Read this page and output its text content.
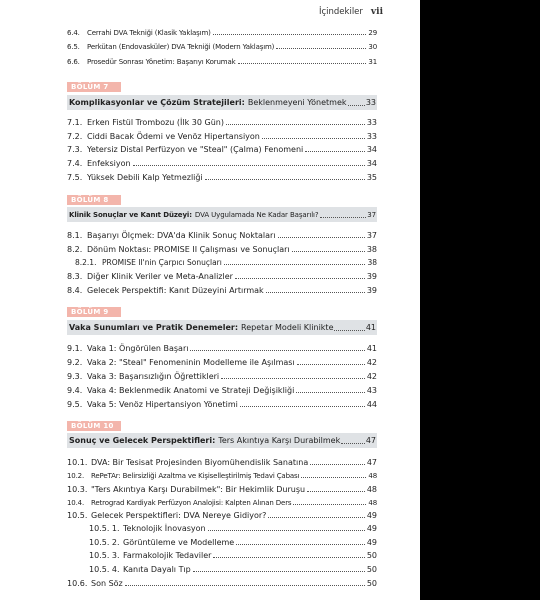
İçindekiler vii
6.4.	Cerrahi DVA Tekniği (Klasik Yaklaşım)	29
6.5.	Perkütan (Endovasküler) DVA Tekniği (Modern Yaklaşım)	30
6.6.	Prosedür Sonrası Yönetim: Başarıyı Korumak	31
BÖLÜM 7
Komplikasyonlar ve Çözüm Stratejileri: Beklenmeyeni Yönetmek 33
7.1. Erken Fistül Trombozu (İlk 30 Gün)	33
7.2. Ciddi Bacak Ödemi ve Venöz Hipertansiyon	33
7.3. Yetersiz Distal Perfüzyon ve "Steal" (Çalma) Fenomeni	34
7.4. Enfeksiyon	34
7.5. Yüksek Debili Kalp Yetmezliği	35
BÖLÜM 8
Klinik Sonuçlar ve Kanıt Düzeyi: DVA Uygulamada Ne Kadar Başarılı?	37
8.1. Başarıyı Ölçmek: DVA'da Klinik Sonuç Noktaları	37
8.2. Dönüm Noktası: PROMISE II Çalışması ve Sonuçları	38
8.2.1. PROMISE II'nin Çarpıcı Sonuçları	38
8.3. Diğer Klinik Veriler ve Meta-Analizler	39
8.4. Gelecek Perspektifi: Kanıt Düzeyini Artırmak	39
BÖLÜM 9
Vaka Sunumları ve Pratik Denemeler: Repetar Modeli Klinikte	41
9.1. Vaka 1: Öngörülen Başarı	41
9.2. Vaka 2: "Steal" Fenomeninin Modelleme ile Aşılması	42
9.3. Vaka 3: Başarısızlığın Öğrettikleri	42
9.4. Vaka 4: Beklenmedik Anatomi ve Strateji Değişikliği	43
9.5. Vaka 5: Venöz Hipertansiyon Yönetimi	44
BÖLÜM 10
Sonuç ve Gelecek Perspektifleri: Ters Akıntıya Karşı Durabilmek	47
10.1. DVA: Bir Tesisat Projesinden Biyomühendislik Sanatına	47
10.2. RePeTAr: Belirsizliği Azaltma ve Kişiselleştirilmiş Tedavi Çabası	48
10.3. "Ters Akıntıya Karşı Durabilmek": Bir Hekimlik Duruşu	48
10.4. Retrograd Kardiyak Perfüzyon Analojisi: Kalpten Alınan Ders	48
10.5. Gelecek Perspektifleri: DVA Nereye Gidiyor?	49
10.5. 1. Teknolojik İnovasyon	49
10.5. 2. Görüntüleme ve Modelleme	49
10.5. 3. Farmakolojik Tedaviler	50
10.5. 4. Kanıta Dayalı Tıp	50
10.6. Son Söz	50
